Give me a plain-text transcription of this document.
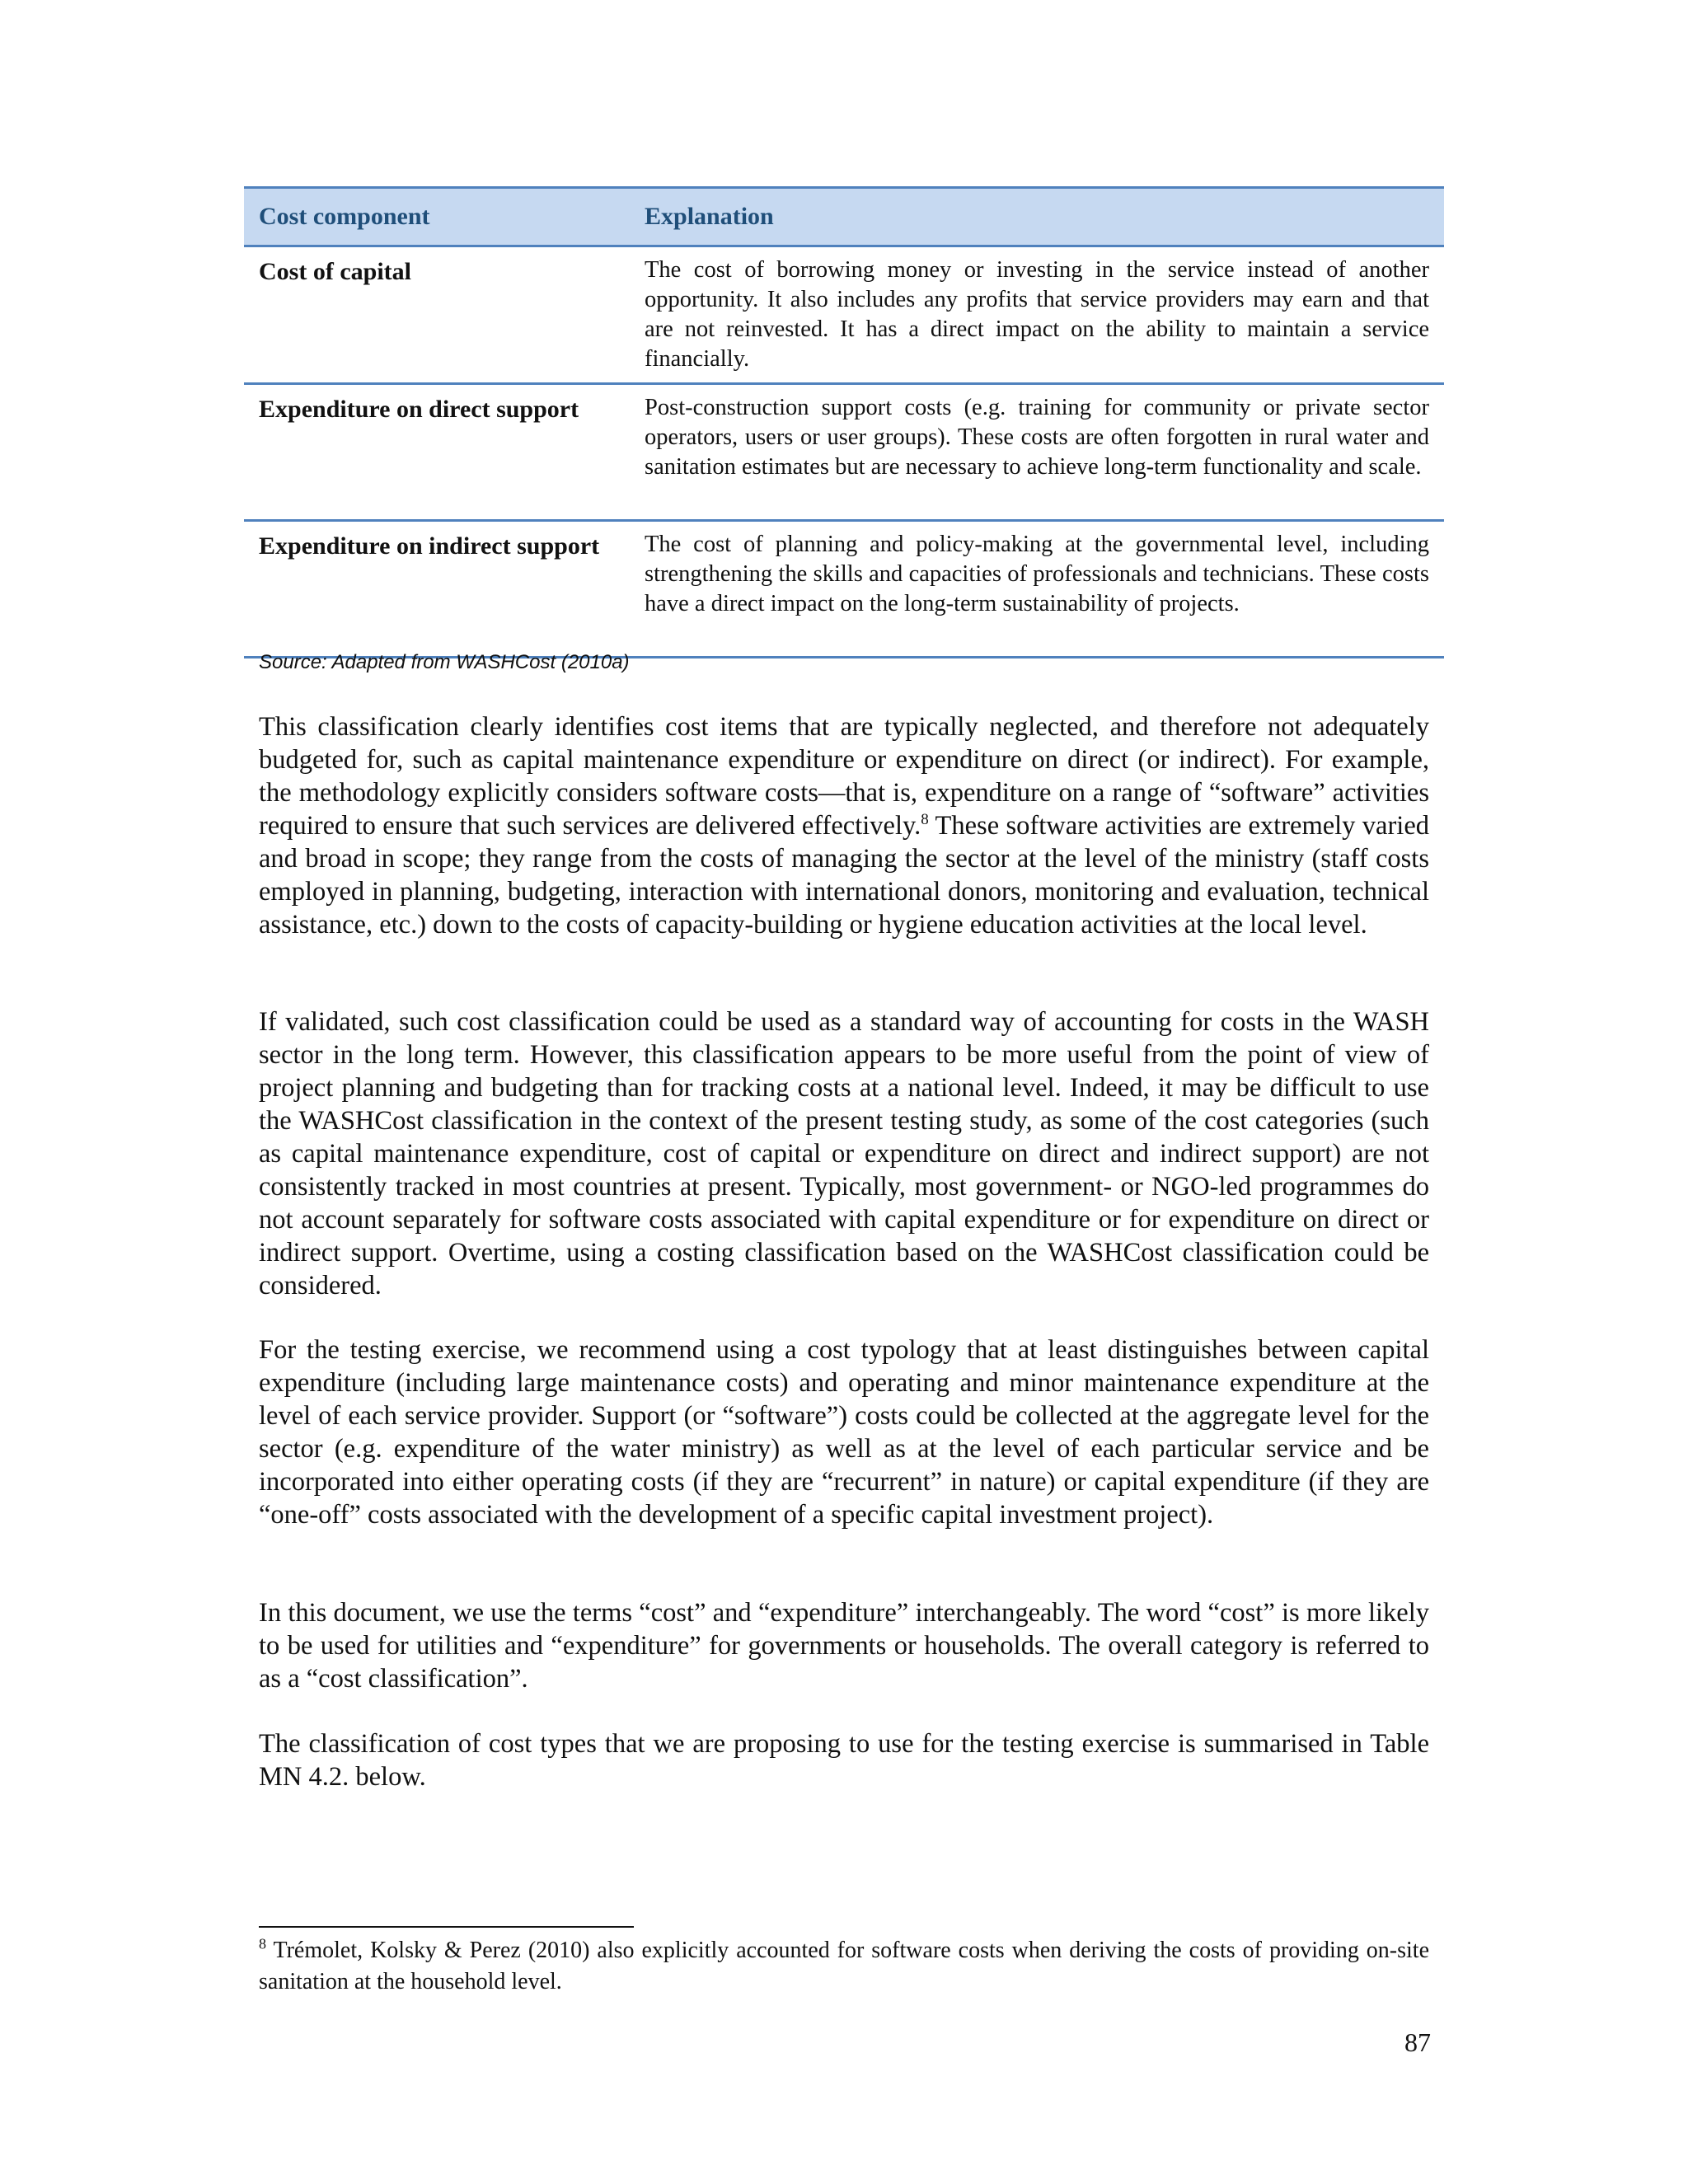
Cost component	Explanation
Cost of capital	The cost of borrowing money or investing in the service instead of another opportunity. It also includes any profits that service providers may earn and that are not reinvested. It has a direct impact on the ability to maintain a service financially.
Expenditure on direct support	Post-construction support costs (e.g. training for community or private sector operators, users or user groups). These costs are often forgotten in rural water and sanitation estimates but are necessary to achieve long-term functionality and scale.
Expenditure on indirect support	The cost of planning and policy-making at the governmental level, including strengthening the skills and capacities of professionals and technicians. These costs have a direct impact on the long-term sustainability of projects.
Source: Adapted from WASHCost (2010a)

This classification clearly identifies cost items that are typically neglected, and therefore not adequately budgeted for, such as capital maintenance expenditure or expenditure on direct (or indirect). For example, the methodology explicitly considers software costs—that is, expenditure on a range of “software” activities required to ensure that such services are delivered effectively.$^8$ These software activities are extremely varied and broad in scope; they range from the costs of managing the sector at the level of the ministry (staff costs employed in planning, budgeting, interaction with international donors, monitoring and evaluation, technical assistance, etc.) down to the costs of capacity-building or hygiene education activities at the local level.

If validated, such cost classification could be used as a standard way of accounting for costs in the WASH sector in the long term. However, this classification appears to be more useful from the point of view of project planning and budgeting than for tracking costs at a national level. Indeed, it may be difficult to use the WASHCost classification in the context of the present testing study, as some of the cost categories (such as capital maintenance expenditure, cost of capital or expenditure on direct and indirect support) are not consistently tracked in most countries at present. Typically, most government- or NGO-led programmes do not account separately for software costs associated with capital expenditure or for expenditure on direct or indirect support. Overtime, using a costing classification based on the WASHCost classification could be considered.

For the testing exercise, we recommend using a cost typology that at least distinguishes between capital expenditure (including large maintenance costs) and operating and minor maintenance expenditure at the level of each service provider. Support (or “software”) costs could be collected at the aggregate level for the sector (e.g. expenditure of the water ministry) as well as at the level of each particular service and be incorporated into either operating costs (if they are “recurrent” in nature) or capital expenditure (if they are “one-off” costs associated with the development of a specific capital investment project).

In this document, we use the terms “cost” and “expenditure” interchangeably. The word “cost” is more likely to be used for utilities and “expenditure” for governments or households. The overall category is referred to as a “cost classification”.

The classification of cost types that we are proposing to use for the testing exercise is summarised in Table MN 4.2. below.

$^8$ Trémolet, Kolsky & Perez (2010) also explicitly accounted for software costs when deriving the costs of providing on-site sanitation at the household level.

87
